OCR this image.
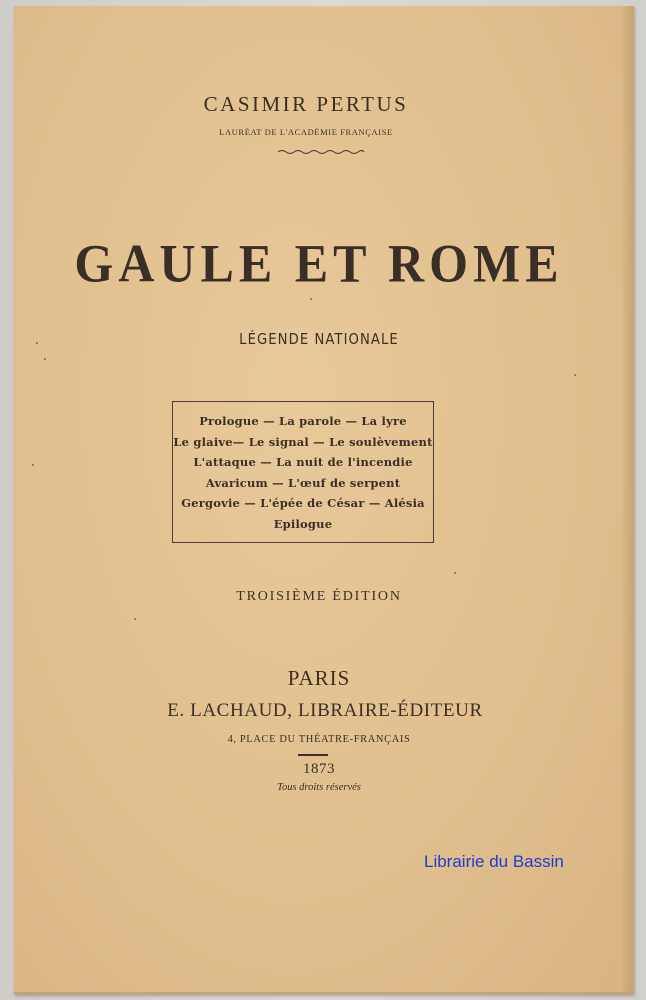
CASIMIR PERTUS
LAURÉAT DE L'ACADÉMIE FRANÇAISE
GAULE ET ROME
LÉGENDE NATIONALE
Prologue — La parole — La lyre
Le glaive— Le signal — Le soulèvement
L'attaque — La nuit de l'incendie
Avaricum — L'œuf de serpent
Gergovie — L'épée de César — Alésia
Epilogue
TROISIÈME ÉDITION
PARIS
E. LACHAUD, LIBRAIRE-ÉDITEUR
4, PLACE DU THÉATRE-FRANÇAIS
1873
Tous droits réservés
Librairie du Bassin
